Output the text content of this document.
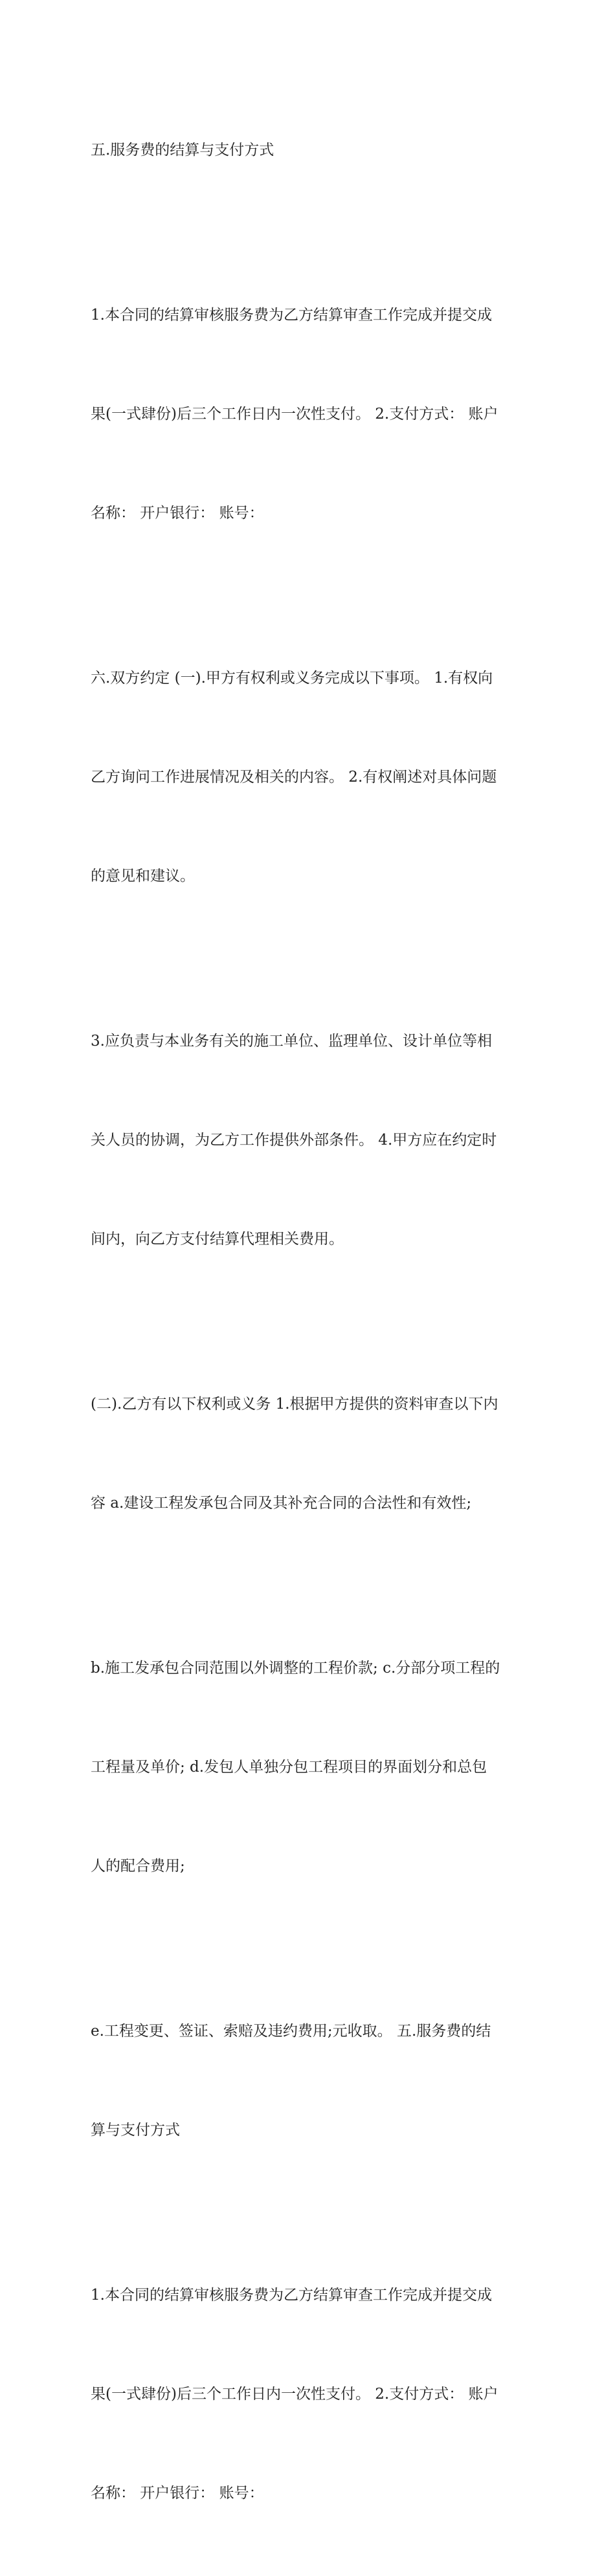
五.服务费的结算与支付方式

1.本合同的结算审核服务费为乙方结算审查工作完成并提交成

果(一式肆份)后三个工作日内一次性支付。 2.支付方式： 账户

名称： 开户银行： 账号：

六.双方约定 (一).甲方有权利或义务完成以下事项。 1.有权向

乙方询问工作进展情况及相关的内容。 2.有权阐述对具体问题

的意见和建议。

3.应负责与本业务有关的施工单位、监理单位、设计单位等相

关人员的协调，为乙方工作提供外部条件。 4.甲方应在约定时

间内，向乙方支付结算代理相关费用。

(二).乙方有以下权利或义务 1.根据甲方提供的资料审查以下内

容 a.建设工程发承包合同及其补充合同的合法性和有效性;

b.施工发承包合同范围以外调整的工程价款; c.分部分项工程的

工程量及单价; d.发包人单独分包工程项目的界面划分和总包

人的配合费用;

e.工程变更、签证、索赔及违约费用;元收取。 五.服务费的结

算与支付方式

1.本合同的结算审核服务费为乙方结算审查工作完成并提交成

果(一式肆份)后三个工作日内一次性支付。 2.支付方式： 账户

名称： 开户银行： 账号：
